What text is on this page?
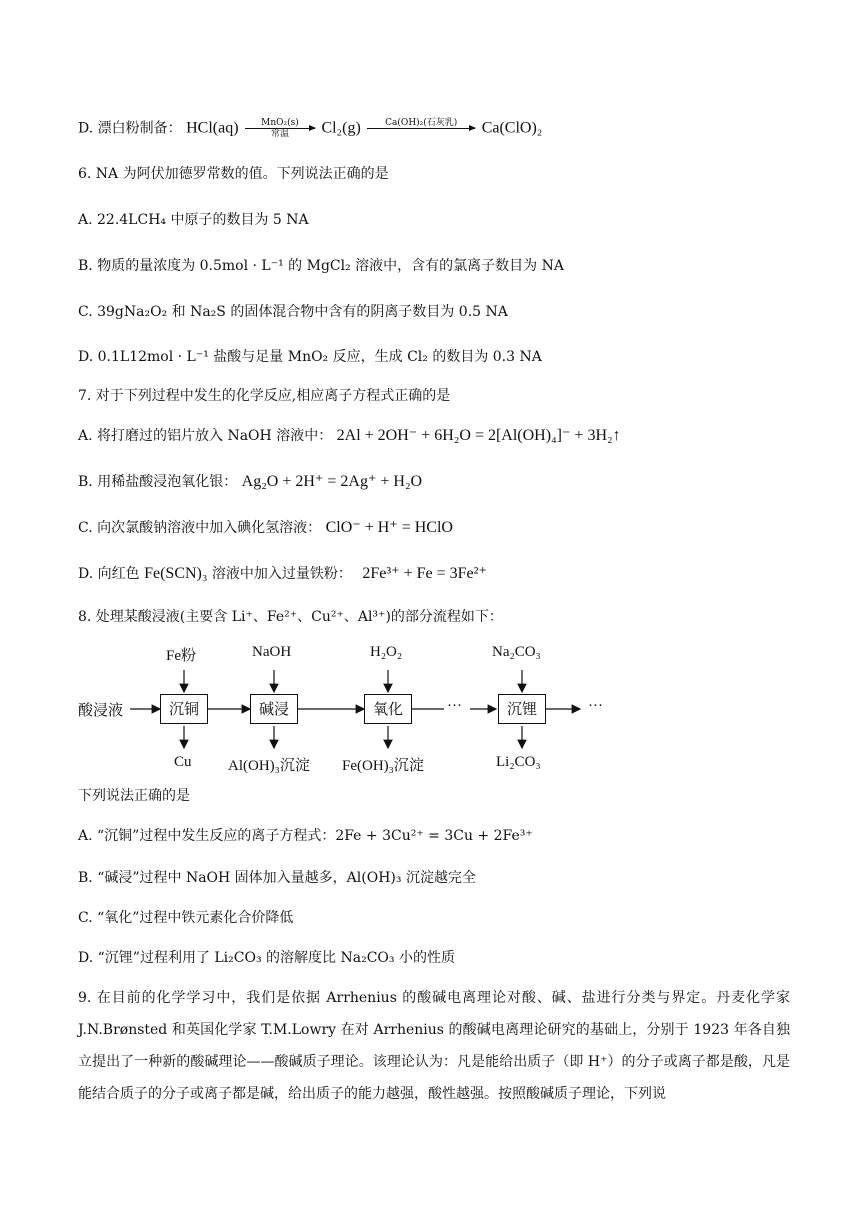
D. 漂白粉制备： HCl(aq)	MnO₂(s)
常温	Cl₂(g)	Ca(OH)₂(石灰乳)
	Ca(ClO)₂
6. NA 为阿伏加德罗常数的值。下列说法正确的是
A. 22.4LCH₄ 中原子的数目为 5 NA
B. 物质的量浓度为 0.5mol · L⁻¹ 的 MgCl₂ 溶液中，含有的氯离子数目为 NA
C. 39gNa₂O₂ 和 Na₂S 的固体混合物中含有的阴离子数目为 0.5 NA
D. 0.1L12mol · L⁻¹ 盐酸与足量 MnO₂ 反应，生成 Cl₂ 的数目为 0.3 NA
7. 对于下列过程中发生的化学反应,相应离子方程式正确的是
A. 将打磨过的铝片放入 NaOH 溶液中： 2Al + 2OH⁻ + 6H₂O = 2[Al(OH)₄]⁻ + 3H₂↑
B. 用稀盐酸浸泡氧化银： Ag₂O + 2H⁺ = 2Ag⁺ + H₂O
C. 向次氯酸钠溶液中加入碘化氢溶液： ClO⁻ + H⁺ = HClO
D. 向红色 Fe(SCN)₃ 溶液中加入过量铁粉： 2Fe³⁺ + Fe = 3Fe²⁺
8. 处理某酸浸液(主要含 Li⁺、Fe²⁺、Cu²⁺、Al³⁺)的部分流程如下：
酸浸液
Fe粉	NaOH	H₂O₂	Na₂CO₃
沉铜	碱浸	氧化	沉锂
···	···
Cu Al(OH)₃沉淀 Fe(OH)₃沉淀	Li₂CO₃
下列说法正确的是
A. “沉铜”过程中发生反应的离子方程式：2Fe + 3Cu²⁺ = 3Cu + 2Fe³⁺
B. “碱浸”过程中 NaOH 固体加入量越多，Al(OH)₃ 沉淀越完全
C. “氧化”过程中铁元素化合价降低
D. “沉锂”过程利用了 Li₂CO₃ 的溶解度比 Na₂CO₃ 小的性质
9. 在目前的化学学习中，我们是依据 Arrhenius 的酸碱电离理论对酸、碱、盐进行分类与界定。丹麦化学家 J.N.Brønsted 和英国化学家 T.M.Lowry 在对 Arrhenius 的酸碱电离理论研究的基础上，分别于 1923 年各自独立提出了一种新的酸碱理论——酸碱质子理论。该理论认为：凡是能给出质子（即 H⁺）的分子或离子都是酸，凡是能结合质子的分子或离子都是碱，给出质子的能力越强，酸性越强。按照酸碱质子理论，下列说
